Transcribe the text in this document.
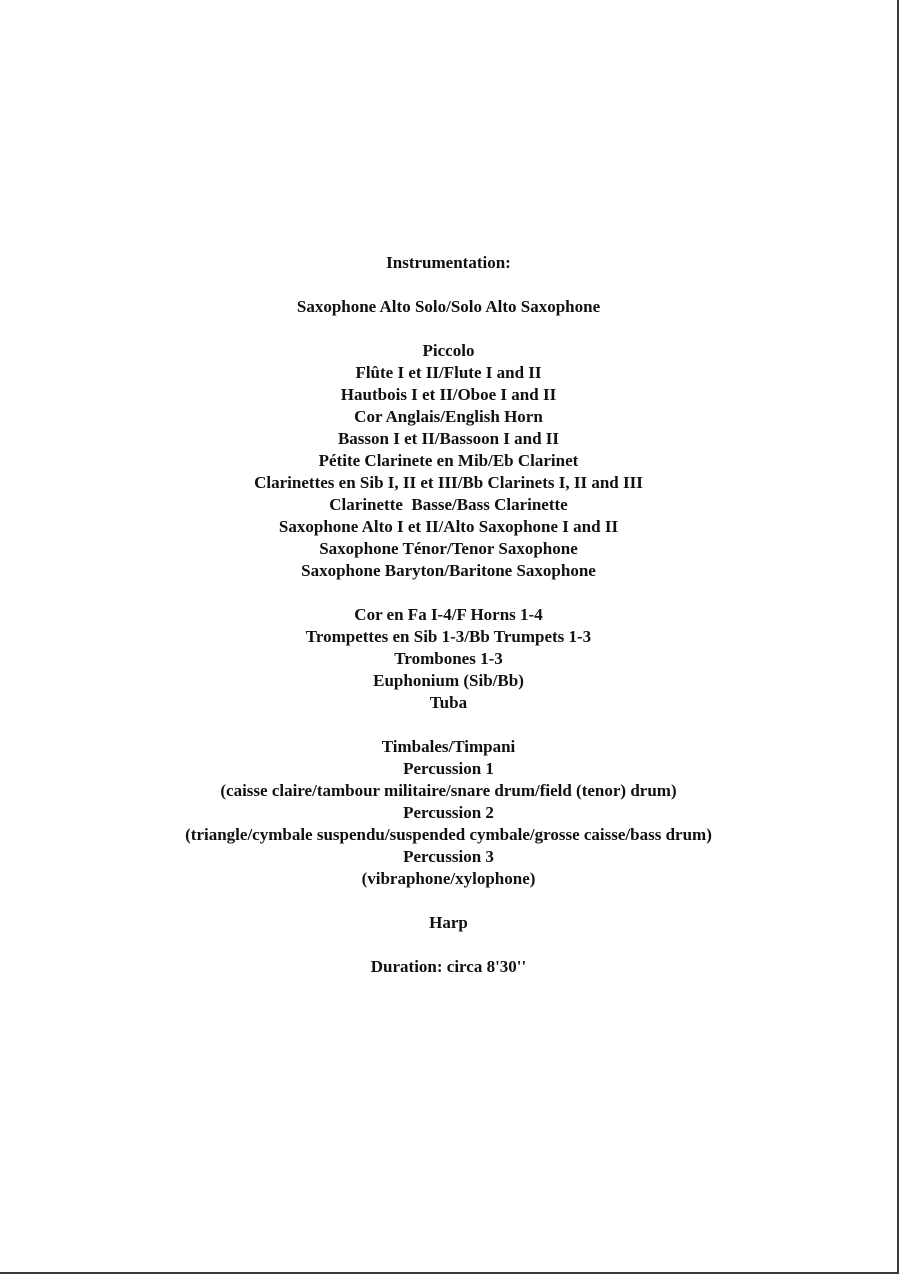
Instrumentation:
Saxophone Alto Solo/Solo Alto Saxophone
Piccolo
Flûte I et II/Flute I and II
Hautbois I et II/Oboe I and II
Cor Anglais/English Horn
Basson I et II/Bassoon I and II
Pétite Clarinete en Mib/Eb Clarinet
Clarinettes en Sib I, II et III/Bb Clarinets I, II and III
Clarinette  Basse/Bass Clarinette
Saxophone Alto I et II/Alto Saxophone I and II
Saxophone Ténor/Tenor Saxophone
Saxophone Baryton/Baritone Saxophone
Cor en Fa I-4/F Horns 1-4
Trompettes en Sib 1-3/Bb Trumpets 1-3
Trombones 1-3
Euphonium (Sib/Bb)
Tuba
Timbales/Timpani
Percussion 1
(caisse claire/tambour militaire/snare drum/field (tenor) drum)
Percussion 2
(triangle/cymbale suspendu/suspended cymbale/grosse caisse/bass drum)
Percussion 3
(vibraphone/xylophone)
Harp
Duration: circa 8'30''
